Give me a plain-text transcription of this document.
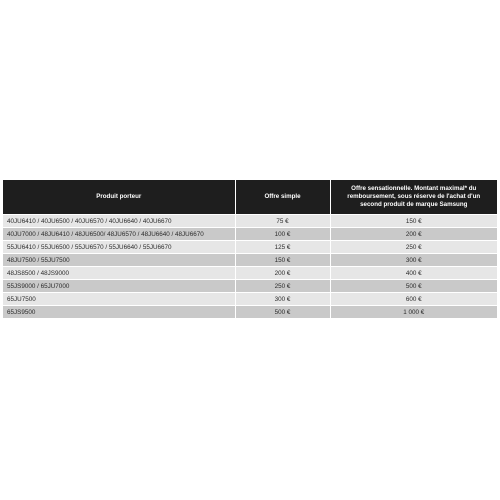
Produit porteur	Offre simple	Offre sensationnelle. Montant maximal* du remboursement, sous réserve de l'achat d'un second produit de marque Samsung
40JU6410 / 40JU6500 / 40JU6570 / 40JU6640 / 40JU6670	75 €	150 €
40JU7000 / 48JU6410 / 48JU6500/ 48JU6570 / 48JU6640 / 48JU6670	100 €	200 €
55JU6410 / 55JU6500 / 55JU6570 / 55JU6640 / 55JU6670	125 €	250 €
48JU7500 / 55JU7500	150 €	300 €
48JS8500 / 48JS9000	200 €	400 €
55JS9000 / 65JU7000	250 €	500 €
65JU7500	300 €	600 €
65JS9500	500 €	1 000 €
